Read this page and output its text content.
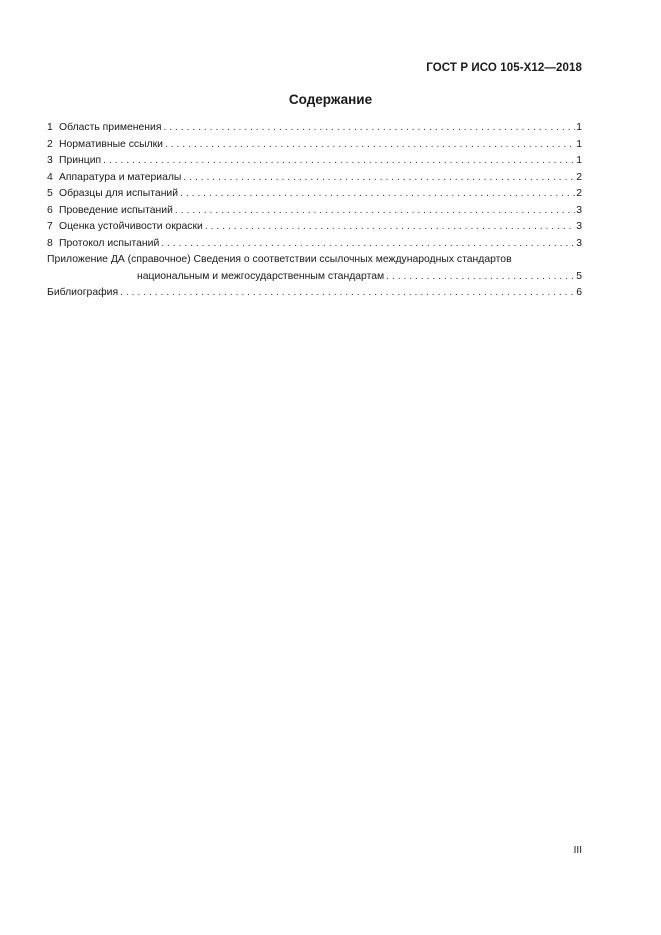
ГОСТ Р ИСО 105-Х12—2018
Содержание
1 Область применения . . .	1
2 Нормативные ссылки . . .	1
3 Принцип . . .	1
4 Аппаратура и материалы . . .	2
5 Образцы для испытаний . . .	2
6 Проведение испытаний . . .	3
7 Оценка устойчивости окраски . . .	3
8 Протокол испытаний . . .	3
Приложение ДА (справочное) Сведения о соответствии ссылочных международных стандартов
национальным и межгосударственным стандартам . . .	5
Библиография . . .	6
III
